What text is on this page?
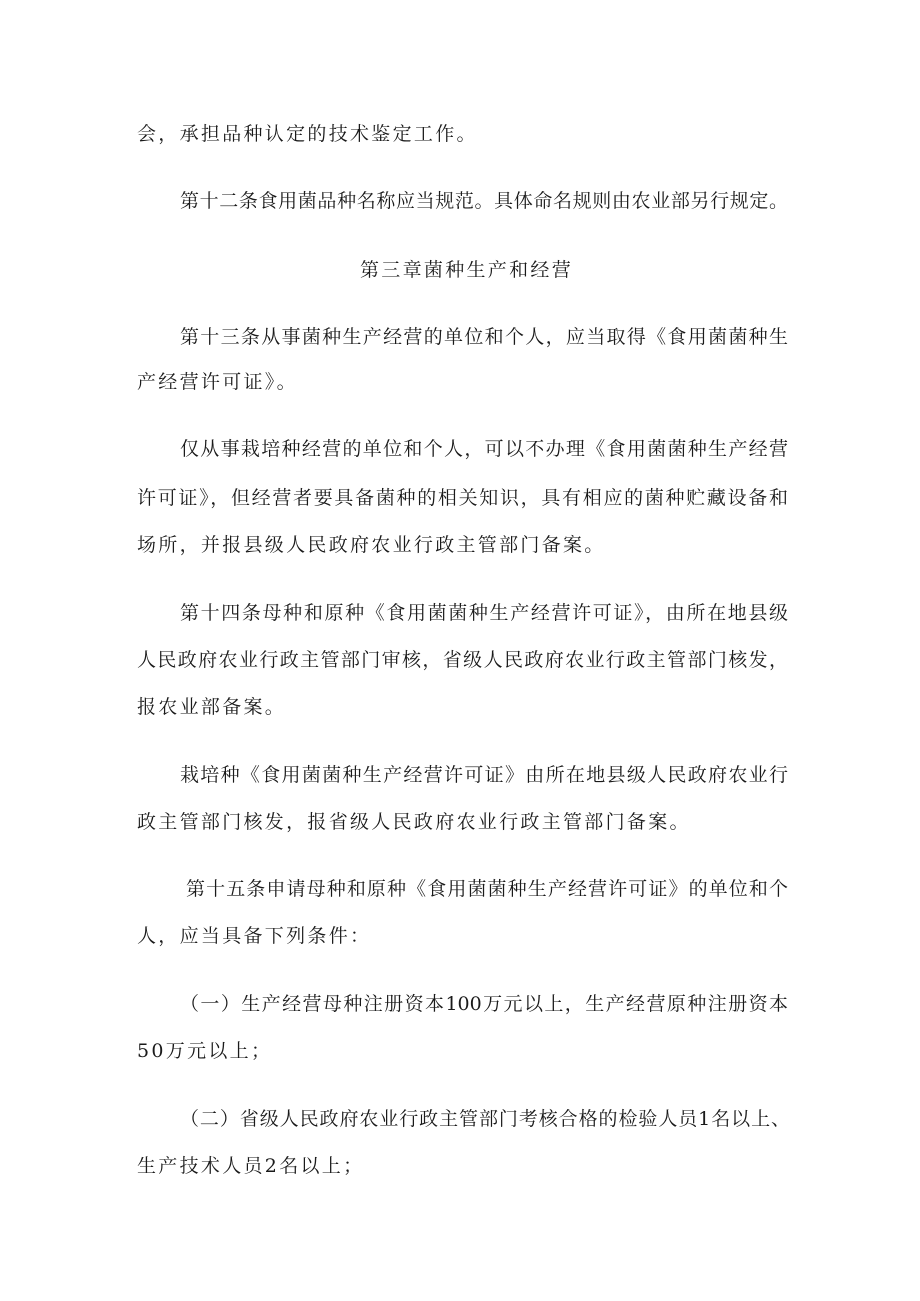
会，承担品种认定的技术鉴定工作。
第十二条食用菌品种名称应当规范。具体命名规则由农业部另行规定。
第三章菌种生产和经营
第十三条从事菌种生产经营的单位和个人，应当取得《食用菌菌种生
产经营许可证》。
仅从事栽培种经营的单位和个人，可以不办理《食用菌菌种生产经营
许可证》，但经营者要具备菌种的相关知识，具有相应的菌种贮藏设备和
场所，并报县级人民政府农业行政主管部门备案。
第十四条母种和原种《食用菌菌种生产经营许可证》，由所在地县级
人民政府农业行政主管部门审核，省级人民政府农业行政主管部门核发，
报农业部备案。
栽培种《食用菌菌种生产经营许可证》由所在地县级人民政府农业行
政主管部门核发，报省级人民政府农业行政主管部门备案。
第十五条申请母种和原种《食用菌菌种生产经营许可证》的单位和个
人，应当具备下列条件：
（一）生产经营母种注册资本100万元以上，生产经营原种注册资本
50万元以上；
（二）省级人民政府农业行政主管部门考核合格的检验人员1名以上、
生产技术人员2名以上；
